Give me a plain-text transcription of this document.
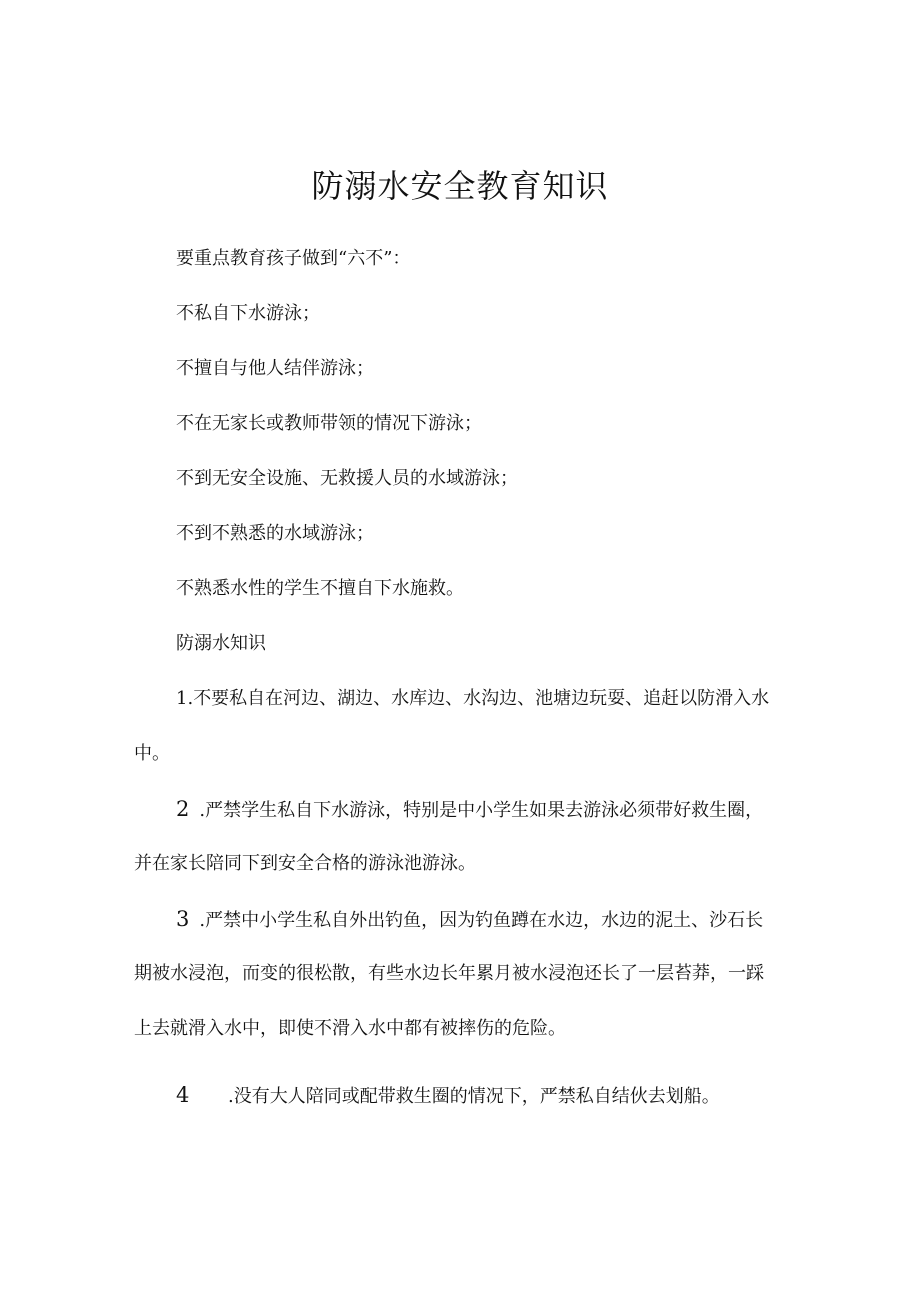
防溺水安全教育知识
要重点教育孩子做到“六不”：
不私自下水游泳；
不擅自与他人结伴游泳；
不在无家长或教师带领的情况下游泳；
不到无安全设施、无救援人员的水域游泳；
不到不熟悉的水域游泳；
不熟悉水性的学生不擅自下水施救。
防溺水知识
1.不要私自在河边、湖边、水库边、水沟边、池塘边玩耍、追赶以防滑入水
中。
2 .严禁学生私自下水游泳，特别是中小学生如果去游泳必须带好救生圈，
并在家长陪同下到安全合格的游泳池游泳。
3 .严禁中小学生私自外出钓鱼，因为钓鱼蹲在水边，水边的泥土、沙石长
期被水浸泡，而变的很松散，有些水边长年累月被水浸泡还长了一层苔莽，一踩
上去就滑入水中，即使不滑入水中都有被摔伤的危险。
4 .没有大人陪同或配带救生圈的情况下，严禁私自结伙去划船。
